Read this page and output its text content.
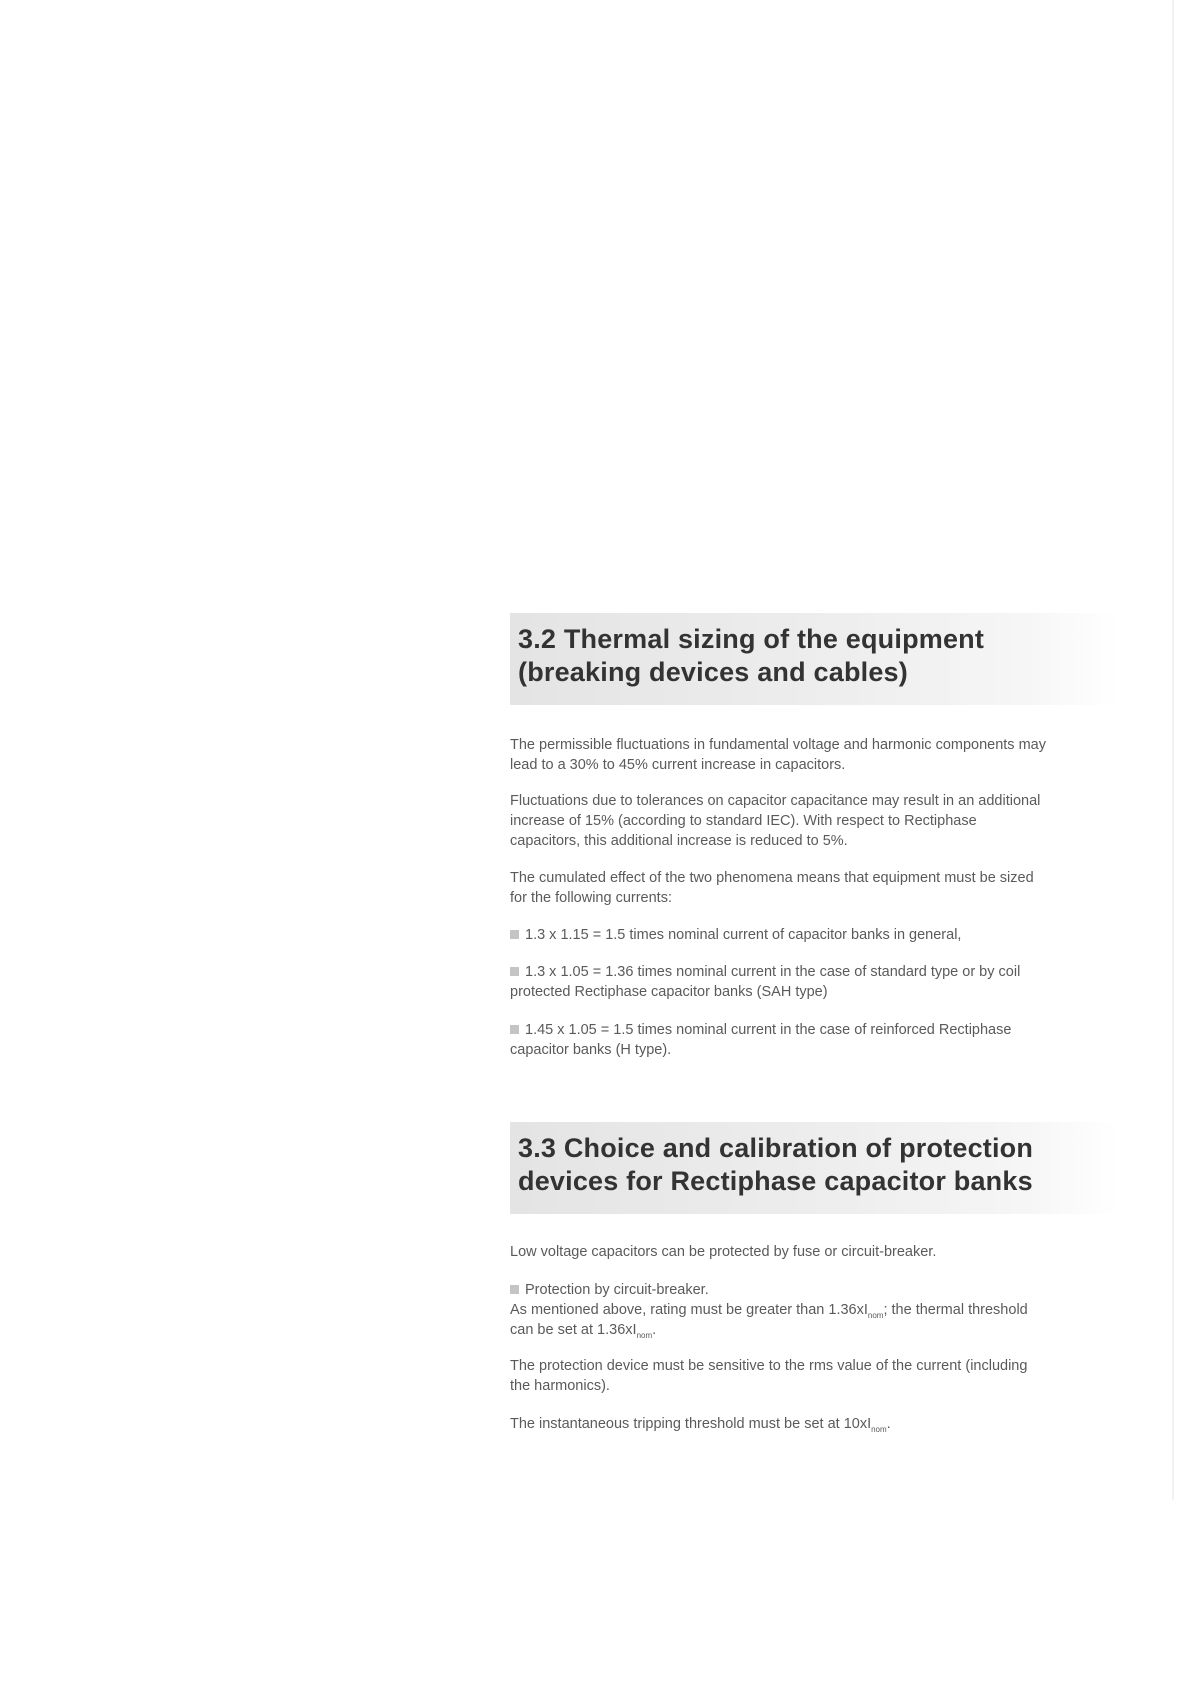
3.2 Thermal sizing of the equipment
(breaking devices and cables)

The permissible fluctuations in fundamental voltage and harmonic components may
lead to a 30% to 45% current increase in capacitors.

Fluctuations due to tolerances on capacitor capacitance may result in an additional
increase of 15% (according to standard IEC). With respect to Rectiphase
capacitors, this additional increase is reduced to 5%.

The cumulated effect of the two phenomena means that equipment must be sized
for the following currents:

1.3 x 1.15 = 1.5 times nominal current of capacitor banks in general,

1.3 x 1.05 = 1.36 times nominal current in the case of standard type or by coil
protected Rectiphase capacitor banks (SAH type)

1.45 x 1.05 = 1.5 times nominal current in the case of reinforced Rectiphase
capacitor banks (H type).

3.3 Choice and calibration of protection
devices for Rectiphase capacitor banks

Low voltage capacitors can be protected by fuse or circuit-breaker.

Protection by circuit-breaker.
As mentioned above, rating must be greater than $1.36xI_{nom}$; the thermal threshold
can be set at $1.36xI_{nom}$.

The protection device must be sensitive to the rms value of the current (including
the harmonics).

The instantaneous tripping threshold must be set at $10xI_{nom}$.
